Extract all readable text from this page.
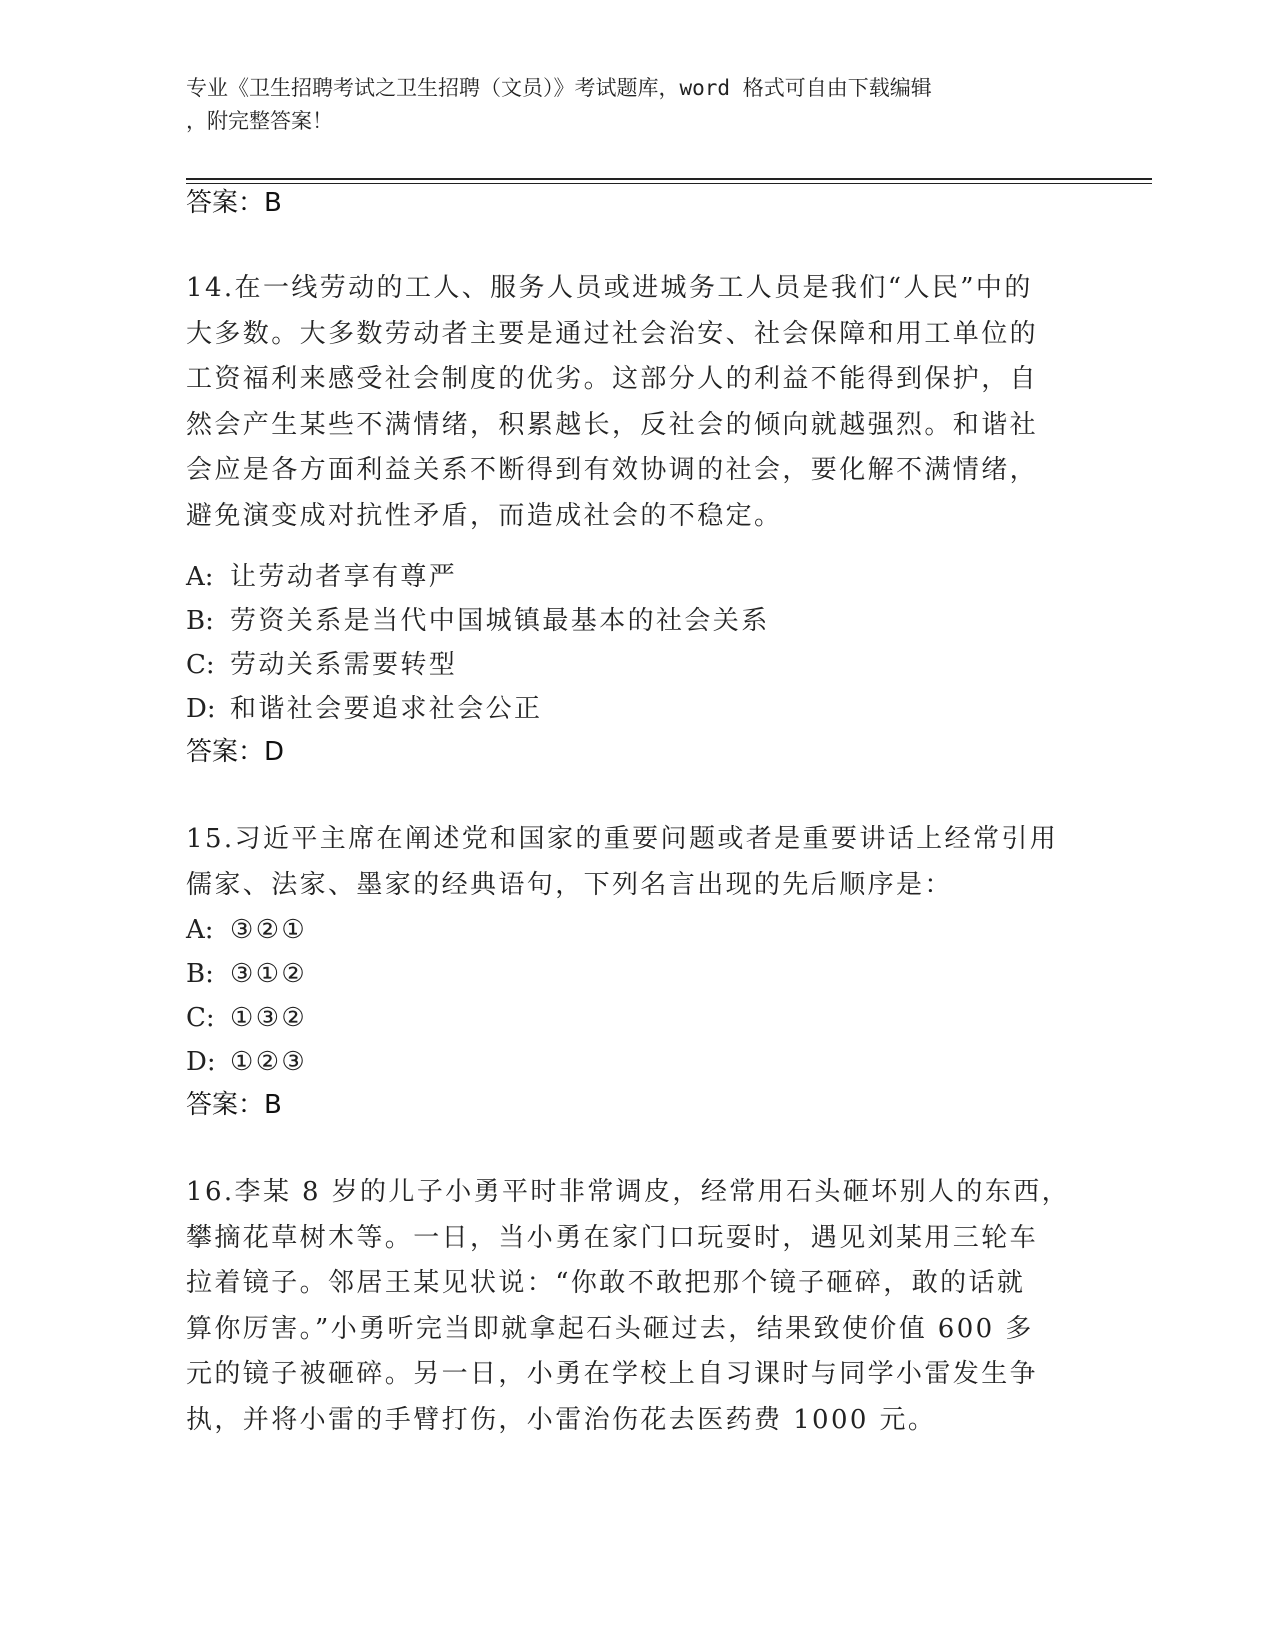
专业《卫生招聘考试之卫生招聘（文员）》考试题库，word 格式可自由下载编辑
，附完整答案！
答案：B
14.在一线劳动的工人、服务人员或进城务工人员是我们“人民”中的
大多数。大多数劳动者主要是通过社会治安、社会保障和用工单位的
工资福利来感受社会制度的优劣。这部分人的利益不能得到保护，自
然会产生某些不满情绪，积累越长，反社会的倾向就越强烈。和谐社
会应是各方面利益关系不断得到有效协调的社会，要化解不满情绪，
避免演变成对抗性矛盾，而造成社会的不稳定。
A: 让劳动者享有尊严
B: 劳资关系是当代中国城镇最基本的社会关系
C: 劳动关系需要转型
D: 和谐社会要追求社会公正
答案：D
15.习近平主席在阐述党和国家的重要问题或者是重要讲话上经常引用
儒家、法家、墨家的经典语句，下列名言出现的先后顺序是：
A: ③②①
B: ③①②
C: ①③②
D: ①②③
答案：B
16.李某 8 岁的儿子小勇平时非常调皮，经常用石头砸坏别人的东西，
攀摘花草树木等。一日，当小勇在家门口玩耍时，遇见刘某用三轮车
拉着镜子。邻居王某见状说：“你敢不敢把那个镜子砸碎，敢的话就
算你厉害。”小勇听完当即就拿起石头砸过去，结果致使价值 600 多
元的镜子被砸碎。另一日，小勇在学校上自习课时与同学小雷发生争
执，并将小雷的手臂打伤，小雷治伤花去医药费 1000 元。
